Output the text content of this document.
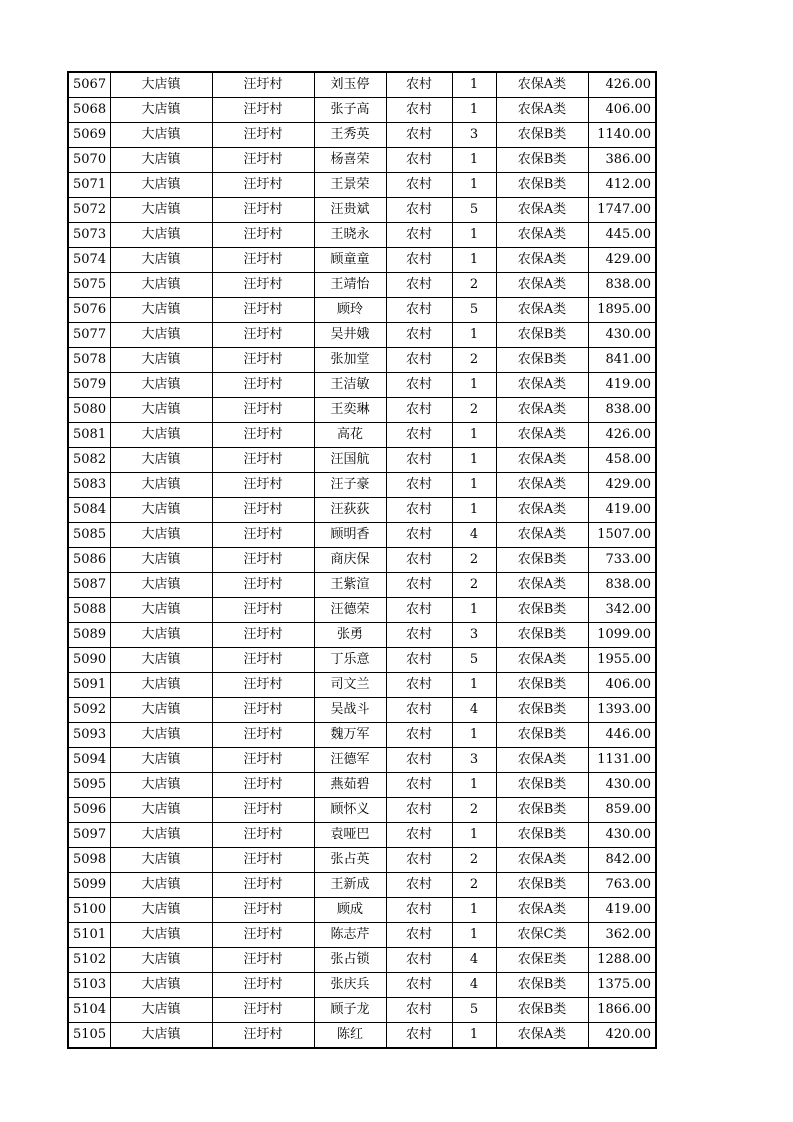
5067	大店镇	汪圩村	刘玉停	农村	1	农保A类	426.00
5068	大店镇	汪圩村	张子高	农村	1	农保A类	406.00
5069	大店镇	汪圩村	王秀英	农村	3	农保B类	1140.00
5070	大店镇	汪圩村	杨喜荣	农村	1	农保B类	386.00
5071	大店镇	汪圩村	王景荣	农村	1	农保B类	412.00
5072	大店镇	汪圩村	汪贵斌	农村	5	农保A类	1747.00
5073	大店镇	汪圩村	王晓永	农村	1	农保A类	445.00
5074	大店镇	汪圩村	顾童童	农村	1	农保A类	429.00
5075	大店镇	汪圩村	王靖怡	农村	2	农保A类	838.00
5076	大店镇	汪圩村	顾玲	农村	5	农保A类	1895.00
5077	大店镇	汪圩村	吴井娥	农村	1	农保B类	430.00
5078	大店镇	汪圩村	张加堂	农村	2	农保B类	841.00
5079	大店镇	汪圩村	王洁敏	农村	1	农保A类	419.00
5080	大店镇	汪圩村	王奕琳	农村	2	农保A类	838.00
5081	大店镇	汪圩村	高花	农村	1	农保A类	426.00
5082	大店镇	汪圩村	汪国航	农村	1	农保A类	458.00
5083	大店镇	汪圩村	汪子豪	农村	1	农保A类	429.00
5084	大店镇	汪圩村	汪荻荻	农村	1	农保A类	419.00
5085	大店镇	汪圩村	顾明香	农村	4	农保A类	1507.00
5086	大店镇	汪圩村	商庆保	农村	2	农保B类	733.00
5087	大店镇	汪圩村	王紫渲	农村	2	农保A类	838.00
5088	大店镇	汪圩村	汪德荣	农村	1	农保B类	342.00
5089	大店镇	汪圩村	张勇	农村	3	农保B类	1099.00
5090	大店镇	汪圩村	丁乐意	农村	5	农保A类	1955.00
5091	大店镇	汪圩村	司文兰	农村	1	农保B类	406.00
5092	大店镇	汪圩村	吴战斗	农村	4	农保B类	1393.00
5093	大店镇	汪圩村	魏万军	农村	1	农保B类	446.00
5094	大店镇	汪圩村	汪德军	农村	3	农保A类	1131.00
5095	大店镇	汪圩村	燕茹碧	农村	1	农保B类	430.00
5096	大店镇	汪圩村	顾怀义	农村	2	农保B类	859.00
5097	大店镇	汪圩村	袁哑巴	农村	1	农保B类	430.00
5098	大店镇	汪圩村	张占英	农村	2	农保A类	842.00
5099	大店镇	汪圩村	王新成	农村	2	农保B类	763.00
5100	大店镇	汪圩村	顾成	农村	1	农保A类	419.00
5101	大店镇	汪圩村	陈志芹	农村	1	农保C类	362.00
5102	大店镇	汪圩村	张占锁	农村	4	农保E类	1288.00
5103	大店镇	汪圩村	张庆兵	农村	4	农保B类	1375.00
5104	大店镇	汪圩村	顾子龙	农村	5	农保B类	1866.00
5105	大店镇	汪圩村	陈红	农村	1	农保A类	420.00
